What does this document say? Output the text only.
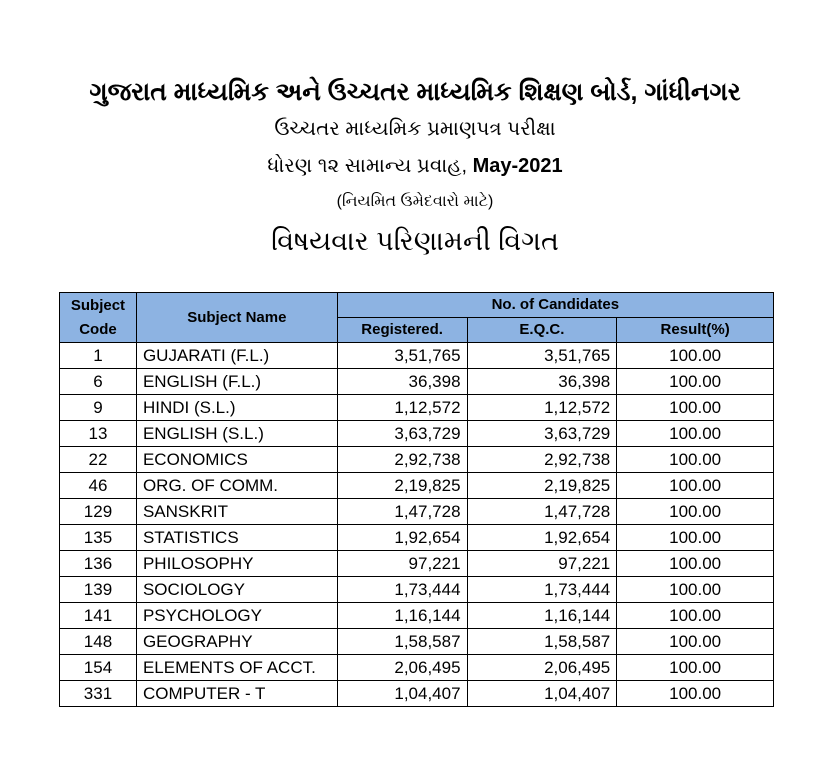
ગુજરાત માધ્યમિક અને ઉચ્ચતર માધ્યમિક શિક્ષણ બોર્ડ, ગાંધીનગર
ઉચ્ચતર માધ્યમિક પ્રમાણપત્ર પરીક્ષા
ધોરણ ૧૨ સામાન્ય પ્રવાહ, May-2021
(નિયમિત ઉમેદવારો માટે)
વિષયવાર પરિણામની વિગત
Subject Code	Subject Name	No. of Candidates		
		Registered.	E.Q.C.	Result(%)
1	GUJARATI (F.L.)	3,51,765	3,51,765	100.00
6	ENGLISH (F.L.)	36,398	36,398	100.00
9	HINDI (S.L.)	1,12,572	1,12,572	100.00
13	ENGLISH (S.L.)	3,63,729	3,63,729	100.00
22	ECONOMICS	2,92,738	2,92,738	100.00
46	ORG. OF COMM.	2,19,825	2,19,825	100.00
129	SANSKRIT	1,47,728	1,47,728	100.00
135	STATISTICS	1,92,654	1,92,654	100.00
136	PHILOSOPHY	97,221	97,221	100.00
139	SOCIOLOGY	1,73,444	1,73,444	100.00
141	PSYCHOLOGY	1,16,144	1,16,144	100.00
148	GEOGRAPHY	1,58,587	1,58,587	100.00
154	ELEMENTS OF ACCT.	2,06,495	2,06,495	100.00
331	COMPUTER - T	1,04,407	1,04,407	100.00
